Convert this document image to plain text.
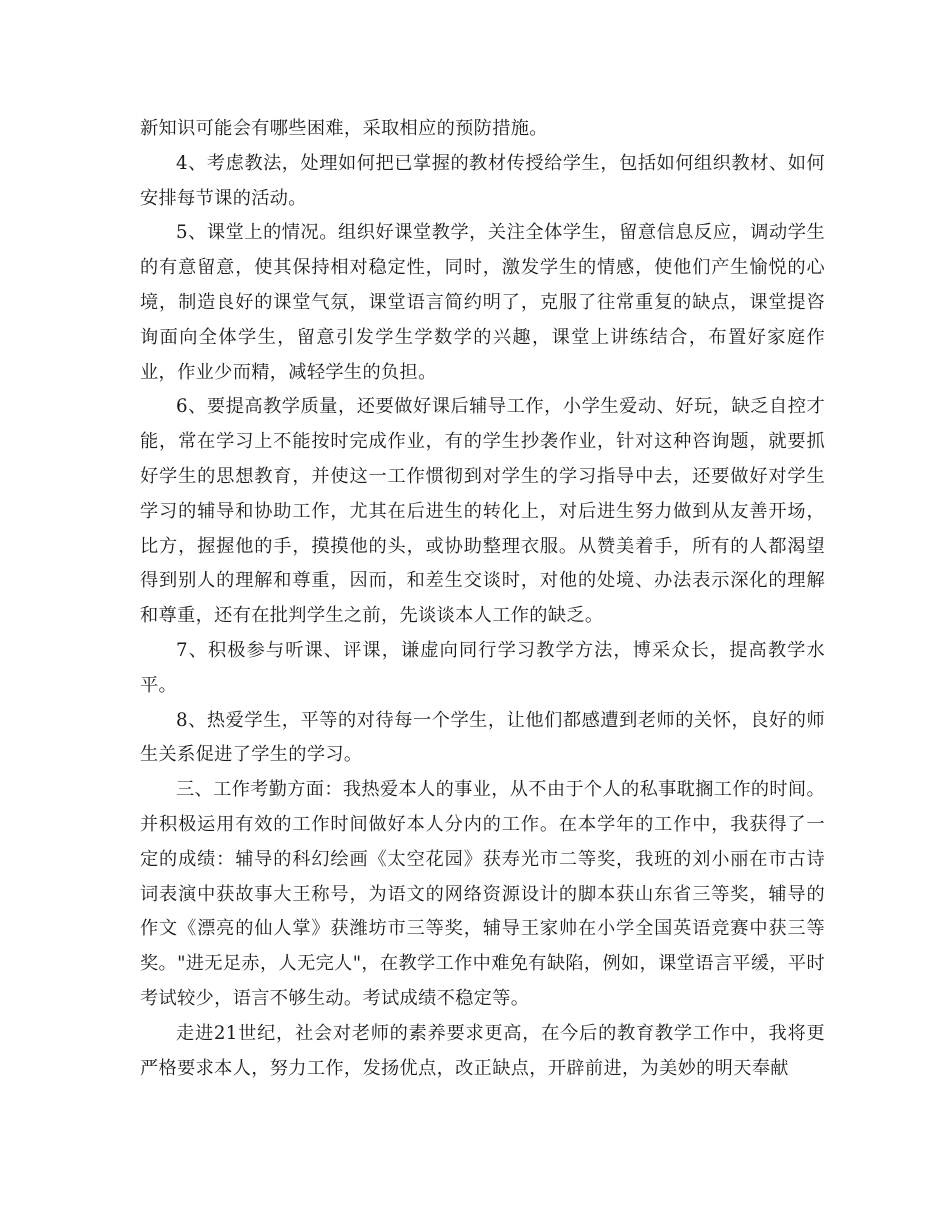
新知识可能会有哪些困难，采取相应的预防措施。

4、考虑教法，处理如何把已掌握的教材传授给学生，包括如何组织教材、如何安排每节课的活动。

5、课堂上的情况。组织好课堂教学，关注全体学生，留意信息反应，调动学生的有意留意，使其保持相对稳定性，同时，激发学生的情感，使他们产生愉悦的心境，制造良好的课堂气氛，课堂语言简约明了，克服了往常重复的缺点，课堂提咨询面向全体学生，留意引发学生学数学的兴趣，课堂上讲练结合，布置好家庭作业，作业少而精，减轻学生的负担。

6、要提高教学质量，还要做好课后辅导工作，小学生爱动、好玩，缺乏自控才能，常在学习上不能按时完成作业，有的学生抄袭作业，针对这种咨询题，就要抓好学生的思想教育，并使这一工作惯彻到对学生的学习指导中去，还要做好对学生学习的辅导和协助工作，尤其在后进生的转化上，对后进生努力做到从友善开场，比方，握握他的手，摸摸他的头，或协助整理衣服。从赞美着手，所有的人都渴望得到别人的理解和尊重，因而，和差生交谈时，对他的处境、办法表示深化的理解和尊重，还有在批判学生之前，先谈谈本人工作的缺乏。

7、积极参与听课、评课，谦虚向同行学习教学方法，博采众长，提高教学水平。

8、热爱学生，平等的对待每一个学生，让他们都感遭到老师的关怀，良好的师生关系促进了学生的学习。

三、工作考勤方面：我热爱本人的事业，从不由于个人的私事耽搁工作的时间。并积极运用有效的工作时间做好本人分内的工作。在本学年的工作中，我获得了一定的成绩：辅导的科幻绘画《太空花园》获寿光市二等奖，我班的刘小丽在市古诗词表演中获故事大王称号，为语文的网络资源设计的脚本获山东省三等奖，辅导的作文《漂亮的仙人掌》获潍坊市三等奖，辅导王家帅在小学全国英语竞赛中获三等奖。"进无足赤，人无完人"，在教学工作中难免有缺陷，例如，课堂语言平缓，平时考试较少，语言不够生动。考试成绩不稳定等。

走进21世纪，社会对老师的素养要求更高，在今后的教育教学工作中，我将更严格要求本人，努力工作，发扬优点，改正缺点，开辟前进，为美妙的明天奉献
